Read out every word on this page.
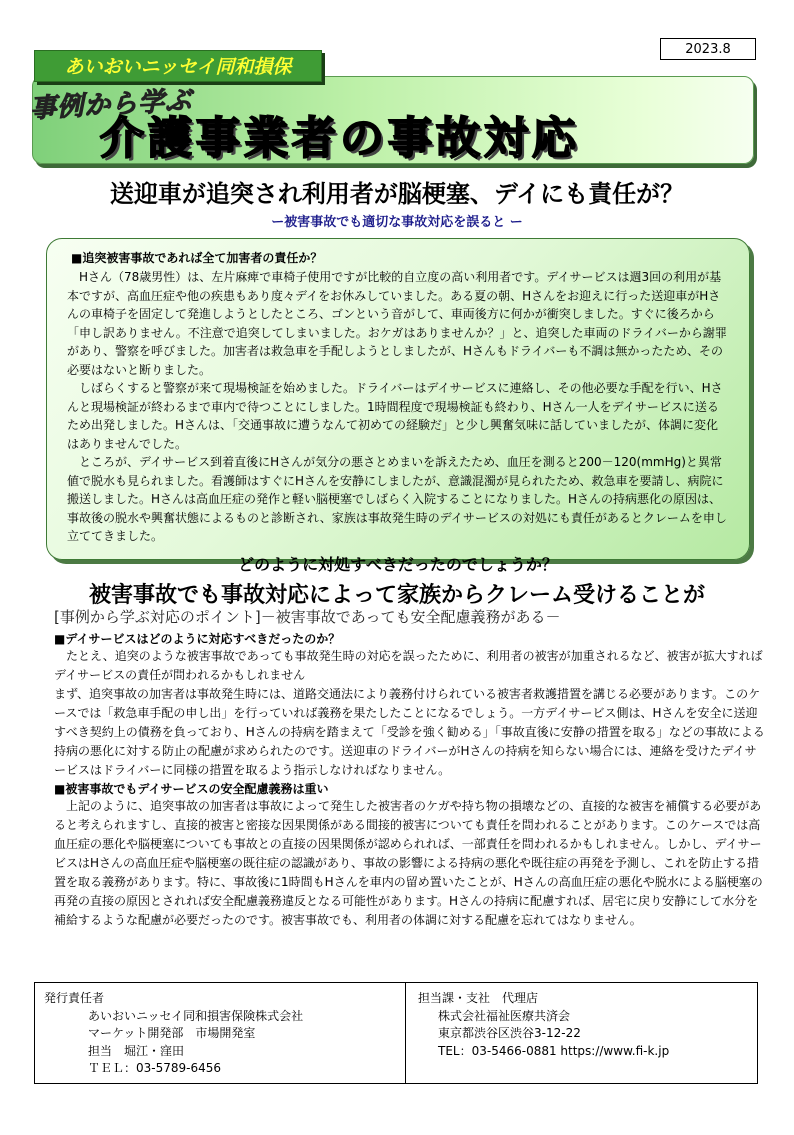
2023.8
あいおいニッセイ同和損保
事例から学ぶ
介護事業者の事故対応
送迎車が追突され利用者が脳梗塞、デイにも責任が？
ー被害事故でも適切な事故対応を誤ると ー

■追突被害事故であれば全て加害者の責任か？

Hさん（78歳男性）は、左片麻痺で車椅子使用ですが比較的自立度の高い利用者です。デイサービスは週3回の利用が基本ですが、高血圧症や他の疾患もあり度々デイをお休みしていました。ある夏の朝、Hさんをお迎えに行った送迎車がHさんの車椅子を固定して発進しようとしたところ、ゴンという音がして、車両後方に何かが衝突しました。すぐに後ろから「申し訳ありません。不注意で追突してしまいました。おケガはありませんか？」と、追突した車両のドライバーから謝罪があり、警察を呼びました。加害者は救急車を手配しようとしましたが、Hさんもドライバーも不調は無かったため、その必要はないと断りました。

しばらくすると警察が来て現場検証を始めました。ドライバーはデイサービスに連絡し、その他必要な手配を行い、Hさんと現場検証が終わるまで車内で待つことにしました。1時間程度で現場検証も終わり、Hさん一人をデイサービスに送るため出発しました。Hさんは、「交通事故に遭うなんて初めての経験だ」と少し興奮気味に話していましたが、体調に変化はありませんでした。

ところが、デイサービス到着直後にHさんが気分の悪さとめまいを訴えたため、血圧を測ると200－120(mmHg)と異常値で脱水も見られました。看護師はすぐにHさんを安静にしましたが、意識混濁が見られたため、救急車を要請し、病院に搬送しました。Hさんは高血圧症の発作と軽い脳梗塞でしばらく入院することになりました。Hさんの持病悪化の原因は、事故後の脱水や興奮状態によるものと診断され、家族は事故発生時のデイサービスの対処にも責任があるとクレームを申し立ててきました。

どのように対処すべきだったのでしょうか？
被害事故でも事故対応によって家族からクレーム受けることが
[事例から学ぶ対応のポイント]－被害事故であっても安全配慮義務がある－

■デイサービスはどのように対応すべきだったのか？

たとえ、追突のような被害事故であっても事故発生時の対応を誤ったために、利用者の被害が加重されるなど、被害が拡大すればデイサービスの責任が問われるかもしれません

まず、追突事故の加害者は事故発生時には、道路交通法により義務付けられている被害者救護措置を講じる必要があります。このケースでは「救急車手配の申し出」を行っていれば義務を果たしたことになるでしょう。一方デイサービス側は、Hさんを安全に送迎すべき契約上の債務を負っており、Hさんの持病を踏まえて「受診を強く勧める」「事故直後に安静の措置を取る」などの事故による持病の悪化に対する防止の配慮が求められたのです。送迎車のドライバーがHさんの持病を知らない場合には、連絡を受けたデイサービスはドライバーに同様の措置を取るよう指示しなければなりません。

■被害事故でもデイサービスの安全配慮義務は重い

上記のように、追突事故の加害者は事故によって発生した被害者のケガや持ち物の損壊などの、直接的な被害を補償する必要があると考えられますし、直接的被害と密接な因果関係がある間接的被害についても責任を問われることがあります。このケースでは高血圧症の悪化や脳梗塞についても事故との直接の因果関係が認められれば、一部責任を問われるかもしれません。しかし、デイサービスはHさんの高血圧症や脳梗塞の既往症の認識があり、事故の影響による持病の悪化や既往症の再発を予測し、これを防止する措置を取る義務があります。特に、事故後に1時間もHさんを車内の留め置いたことが、Hさんの高血圧症の悪化や脱水による脳梗塞の再発の直接の原因とされれば安全配慮義務違反となる可能性があります。Hさんの持病に配慮すれば、居宅に戻り安静にして水分を補給するような配慮が必要だったのです。被害事故でも、利用者の体調に対する配慮を忘れてはなりません。

発行責任者
あいおいニッセイ同和損害保険株式会社
マーケット開発部　市場開発室
担当　堀江・窪田
ＴＥＬ：03-5789-6456
担当課・支社　代理店
株式会社福祉医療共済会
東京都渋谷区渋谷3-12-22
TEL：03-5466-0881 https://www.fi-k.jp
